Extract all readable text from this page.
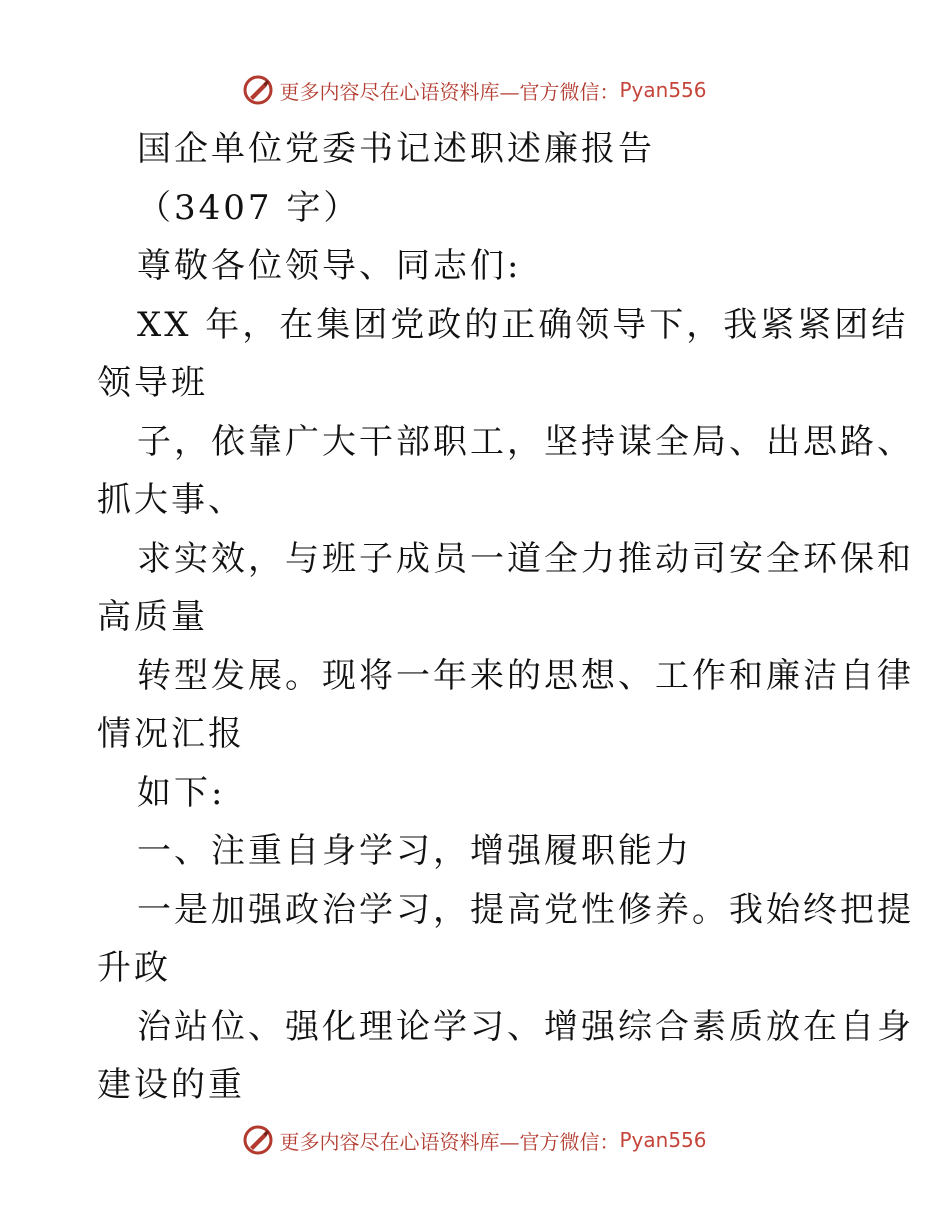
更多内容尽在心语资料库—官方微信： Pyan556
国企单位党委书记述职述廉报告
（3407 字）
尊敬各位领导、同志们:
XX 年，在集团党政的正确领导下，我紧紧团结
领导班
子，依靠广大干部职工，坚持谋全局、出思路、
抓大事、
求实效，与班子成员一道全力推动司安全环保和
高质量
转型发展。现将一年来的思想、工作和廉洁自律
情况汇报
如下:
一、注重自身学习，增强履职能力
一是加强政治学习，提高党性修养。我始终把提
升政
治站位、强化理论学习、增强综合素质放在自身
建设的重
更多内容尽在心语资料库—官方微信： Pyan556
